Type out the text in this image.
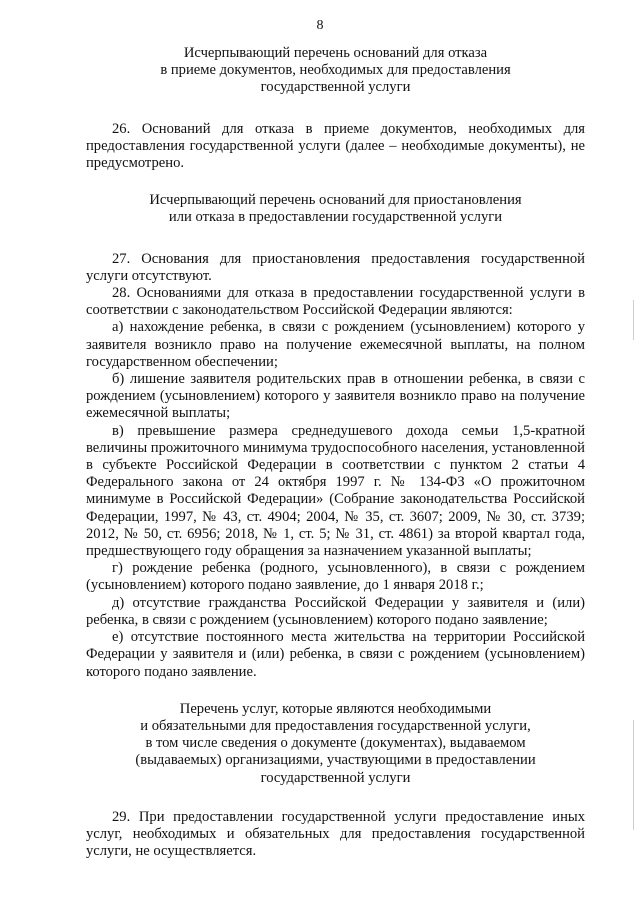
8
Исчерпывающий перечень оснований для отказа
в приеме документов, необходимых для предоставления
государственной услуги

26. Оснований для отказа в приеме документов, необходимых для предоставления государственной услуги (далее – необходимые документы), не предусмотрено.

Исчерпывающий перечень оснований для приостановления
или отказа в предоставлении государственной услуги

27. Основания для приостановления предоставления государственной услуги отсутствуют.

28. Основаниями для отказа в предоставлении государственной услуги в соответствии с законодательством Российской Федерации являются:

а) нахождение ребенка, в связи с рождением (усыновлением) которого у заявителя возникло право на получение ежемесячной выплаты, на полном государственном обеспечении;

б) лишение заявителя родительских прав в отношении ребенка, в связи с рождением (усыновлением) которого у заявителя возникло право на получение ежемесячной выплаты;

в) превышение размера среднедушевого дохода семьи 1,5-кратной величины прожиточного минимума трудоспособного населения, установленной в субъекте Российской Федерации в соответствии с пунктом 2 статьи 4 Федерального закона от 24 октября 1997 г. № 134-ФЗ «О прожиточном минимуме в Российской Федерации» (Собрание законодательства Российской Федерации, 1997, № 43, ст. 4904; 2004, № 35, ст. 3607; 2009, № 30, ст. 3739; 2012, № 50, ст. 6956; 2018, № 1, ст. 5; № 31, ст. 4861) за второй квартал года, предшествующего году обращения за назначением указанной выплаты;

г) рождение ребенка (родного, усыновленного), в связи с рождением (усыновлением) которого подано заявление, до 1 января 2018 г.;

д) отсутствие гражданства Российской Федерации у заявителя и (или) ребенка, в связи с рождением (усыновлением) которого подано заявление;

е) отсутствие постоянного места жительства на территории Российской Федерации у заявителя и (или) ребенка, в связи с рождением (усыновлением) которого подано заявление.

Перечень услуг, которые являются необходимыми
и обязательными для предоставления государственной услуги,
в том числе сведения о документе (документах), выдаваемом
(выдаваемых) организациями, участвующими в предоставлении
государственной услуги

29. При предоставлении государственной услуги предоставление иных услуг, необходимых и обязательных для предоставления государственной услуги, не осуществляется.
